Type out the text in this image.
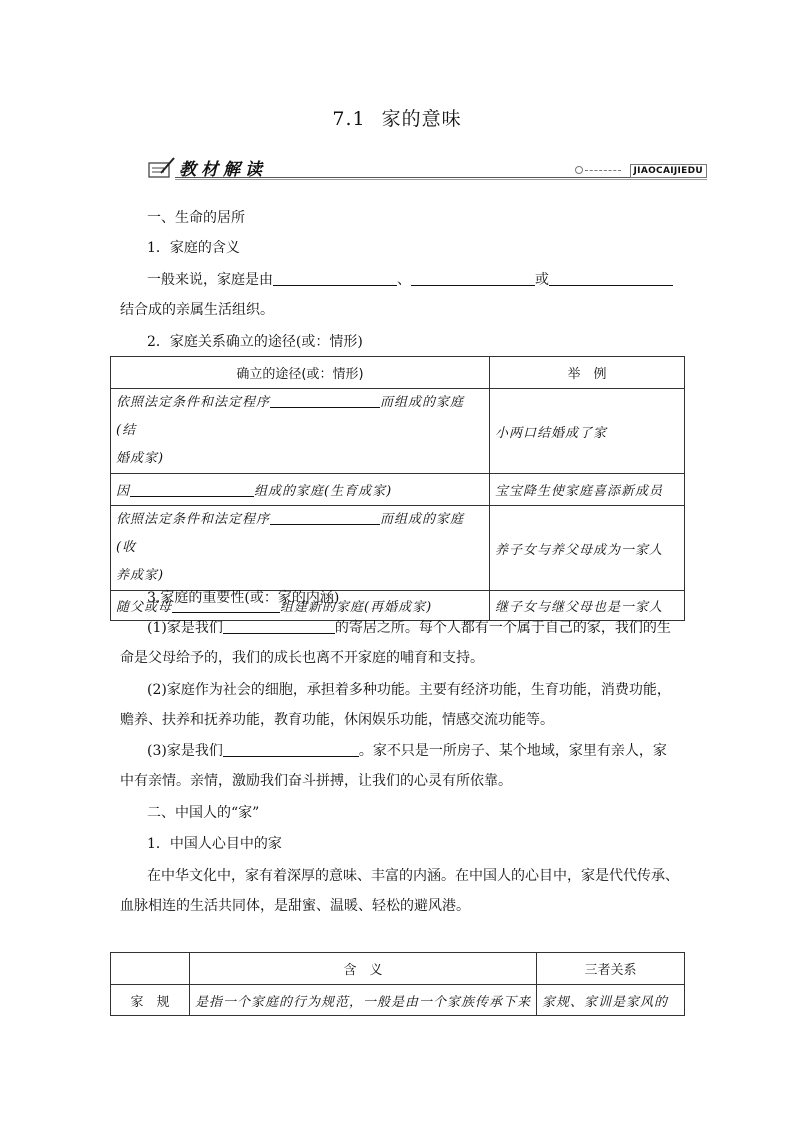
7.1 家的意味
教材解读	JIAOCAIJIEDU
一、生命的居所
1．家庭的含义
一般来说，家庭是由	、	或
结合成的亲属生活组织。
2．家庭关系确立的途径(或：情形)
确立的途径(或：情形)	举　例
依照法定条件和法定程序 而组成的家庭(结
婚成家)	小两口结婚成了家
因 组成的家庭(生育成家)	宝宝降生使家庭喜添新成员
依照法定条件和法定程序 而组成的家庭(收
养成家)	养子女与养父母成为一家人
随父或母 组建新的家庭(再婚成家)	继子女与继父母也是一家人
3.家庭的重要性(或：家的内涵)
(1)家是我们	的寄居之所。每个人都有一个属于自己的家，我们的生
命是父母给予的，我们的成长也离不开家庭的哺育和支持。
(2)家庭作为社会的细胞，承担着多种功能。主要有经济功能，生育功能，消费功能，
赡养、扶养和抚养功能，教育功能，休闲娱乐功能，情感交流功能等。
(3)家是我们	。家不只是一所房子、某个地域，家里有亲人，家
中有亲情。亲情，激励我们奋斗拼搏，让我们的心灵有所依靠。
二、中国人的“家”
1．中国人心目中的家
在中华文化中，家有着深厚的意味、丰富的内涵。在中国人的心目中，家是代代传承、
血脉相连的生活共同体，是甜蜜、温暖、轻松的避风港。
	含　义	三者关系
家　规	是指一个家庭的行为规范，一般是由一个家族传承下来	家规、家训是家风的
